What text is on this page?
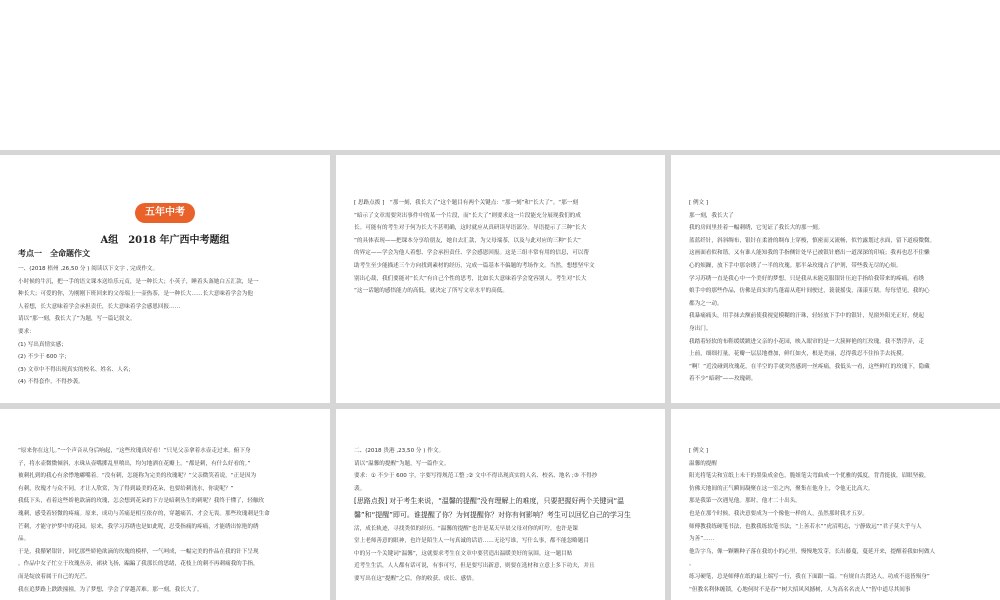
五年中考
A组　2018 年广西中考题组
考点一　全命题作文

一、(2018 梧州 ,26,50 分 ) 阅读以下文字 , 完成作文。

小时候的牛沉，把一手的语文课本送给乐元贞，是一种长大；小英子，睡着头盔她白五汇款，是一

种长大；可爱的你，为刚刚下班回来的父母端上一壶热茶，是一种长大……长大意味着学会为他

人着想，长大意味着学会承担责任，长大意味着学会感恩回报……

请以“那一刻，我长大了”为题，写一篇记叙文。

要求：

(1) 写出真情实感；

(2) 不少于 600 字；

(3) 文章中不得出现真实的校名、姓名、人名；

(4) 不得套作，不得抄袭。

[ 思路点拨 ]　“那一刻，我长大了”这个题目有两个关键点：“那一刻”和“长大了”。“那一刻

”暗示了文章需要突出事件中的某一个片段，而“长大了”则要求这一片段能充分展现我们的成

长。可能有的考生对于何为长大不甚明确，这时就应从真研读导语部分。导语提示了三种“长大

”的具体表现——把课本分享给朋友，她自去汇款，为父母端茶，以及与此对应的三种“长大”

的界定——学会为他人着想、学会承担责任、学会感恩回报。这是三组丰常有用的信息，可以帮

助考生至少能描述三个方向找到素材的经历，完成一篇基本不偏题的考场作文。当然，想想坚牢文

别出心裁，我们要能对“长大”有自己个性的思考，比如长大意味着学会宽容别人。考生对“长大

”这一话题的感悟能力的高低，就决定了所写文章水平的高低。

[ 例文 ]

那一刻，我长大了

我的房间里挂着一幅刺绣，它见证了我长大的那一刻。

蓝蓝纤针，斜斜绸布，银针在柔滑的绸布上穿梭，慎密而又流畅，似竹露划过水面，留下道痕微微。

这画面看似和谐，又有谁人能知我的手指侧针处早已被银针磨出一道深深的印痕；我再也忍不住懒

心的烦躁，放下手中那奈绣了一半的玫瑰。那半朵玫瑰占了护剂，带些我无尽的心烦。

学习苏绣一直是我心中一个美好的梦想，只是我从未能克服银针压迫手指给我带来的疼痛。看绣

娘手中的那些作品，仿佛是真实的鸟蓬霜从莲叶间驶过，蓑蓑摇曳，漾漾互瞎。每每望见，我的心

都为之一动。

我暴痛痛头，用手抹去额前使我视觉模糊的汗珠，轻轻放下手中的银针，见窗外阳光正好，便起

身出门。

我踏着轻软的布鞋缓缓踱进父亲的小花园，映入眼帘的是一大簇鲜艳的红玫瑰。我不禁浮弄，走

上前，细细打量，花瓣一层层地叠加，鲜红如火，根是美丽，忍得我忍不住抬手去抚摸。

“啊！”近没碰到玫瑰花，在半空的手就突然感到一丝疼痛，我低头一看，这些鲜红的玫瑰下，隐藏

着不少“暗刺”——玫瑰刺。

“原来你在这儿。”一个声音从身后响起，“这些玫瑰真好看！”只见父亲拿着水壶走过来，俯下身

子，将水壶微微倾斜，水珠从壶嘴掷乱里喷出，均匀地洒在花瓣上。“都是刺，有什么好看的。”

被刺扎到的我心有余悸地嘟嘴着。“没有刺，怎能称为完美的玫瑰呢？”父亲微笑着说，“正是因为

有刺，玫瑰才与众不同，才让人欣赏，为了得到最美的花朵，也要给刺浇水，你说呢？”

我低下头，看着这些娇艳欲滴的玫瑰，怎会想到花朵的下方是暗刺丛生的刺呢？我终于懂了，轻触玫

瑰刺，感受着轻微的疼痛。原来，成功与苦痛是相互依存的，穿越痛苦，才会无畏。那些玫瑰刺是生命

芒刺，才能守护梦中的花园。原来，我学习苏绣也是如此呢，忍受指痛的疼痛，才能绣出惊艳的绣

品。

于是，我攥紧银针，回忆那些娇艳欲滴的玫瑰的模样，一气呵成，一幅完美的作品在我的针下呈现

。作品中女子忙立于玫瑰丛旁，裙袂飞扬，蹁蹁了我那长的思绪，花枝上的刺不再刺痛我的手指，

而是绽放着属于自己的光芒。

我在追梦路上跌跌撞撞，为了梦想，学会了穿越苦难。那一刻，我长大了。

二、(2018 贵港 ,23,50 分 ) 作文。

请以“温馨的提醒”为题，写一篇作文。

要求：① 不少于 600 字，字要写得规范工整 ;② 文中不得出现真实的人名、校名、地名 ;③ 不得抄

袭。

[思路点拨] 对于考生来说，“温馨的提醒”没有理解上的难度，只要把握好两个关键词“温

馨”和“提醒”即可。谁提醒了你？为何提醒你？对你有何影响？考生可以回忆自己的学习生

活，成长轨迹，寻找类似的经历。“温馨的提醒”也许是某天早晨父母对你的叮咛，也许是课

堂上老师善意的眼神，也许是陌生人一句真诚的话语……无论写谁，写什么事，都不能忽略题目

中的另一个关键词“温馨”，这就要求考生在文章中要营造出温暖美好的氛围。这一题目贴

近考生生活，人人都有话可说，有事可写，但是要写出新意，则要在选材和立意上多下功夫，并且

要写出在这“提醒”之后，你的收获、成长、感悟。

[ 例文 ]

温馨的提醒

阳光将笔尖和宣纸上未干的墨染成金色，脆姐笔尖弯曲成一个优雅的弧度，背背挺拔，眉眼坚毅，

仿佛天地间的正气瞬间凝聚在这一室之内，聚集在他身上，令他无比高大。

那是我第一次遇见他。那时，他才二十出头。

也是在那个时候，我决意要成为一个像他一样的人，虽然那时我才五岁。

师傅教我练硬笔书法，也教我练软笔书法，“上善若水”“虎沼明志，宁静致远”“君子莫大乎与人

为善”……

他告字乌，像一颗颗种子落在我幼小的心里，慢慢地发芽，长出藤蔓，蔓延开来，提醒着我如何做人

。

练习硬笔，总是师傅在纸的最上端写一行，我在下面跟一篇。“有规自古贤达人，功成不退皆殒身”

“但教名利休缠锁，心地何时不是春”“树大招风风撼树，人为高名名丧人”“智中道尽其间事
